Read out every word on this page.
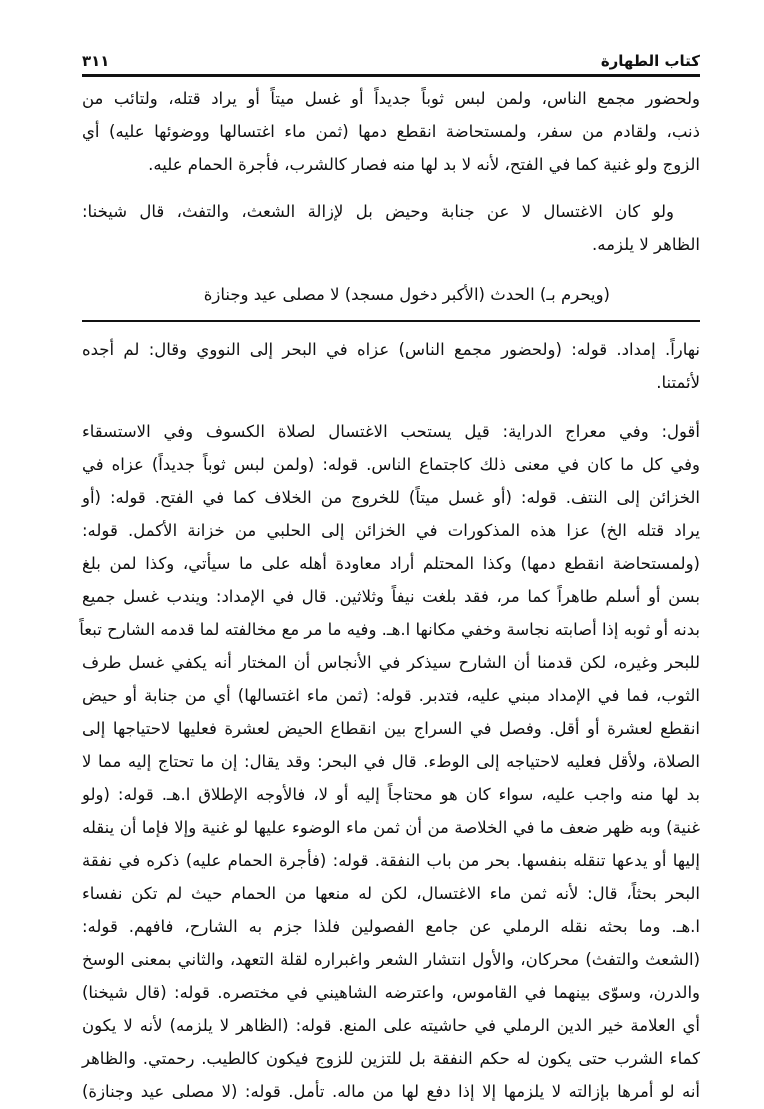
كتاب الطهارة
٣١١
ولحضور مجمع الناس، ولمن لبس ثوباً جديداً أو غسل ميتاً أو يراد قتله، ولتائب من
ذنب، ولقادم من سفر، ولمستحاضة انقطع دمها (ثمن ماء اغتسالها ووضوئها عليه) أي
الزوج ولو غنية كما في الفتح، لأنه لا بد لها منه فصار كالشرب، فأجرة الحمام عليه.
ولو كان الاغتسال لا عن جنابة وحيض بل لإزالة الشعث، والتفث، قال شيخنا:
الظاهر لا يلزمه.
(ويحرم بـ) الحدث (الأكبر دخول مسجد) لا مصلى عيد وجنازة
نهاراً. إمداد. قوله: (ولحضور مجمع الناس) عزاه في البحر إلى النووي وقال: لم أجده
لأئمتنا.
أقول: وفي معراج الدراية: قيل يستحب الاغتسال لصلاة الكسوف وفي الاستسقاء
وفي كل ما كان في معنى ذلك كاجتماع الناس. قوله: (ولمن لبس ثوباً جديداً) عزاه في
الخزائن إلى النتف. قوله: (أو غسل ميتاً) للخروج من الخلاف كما في الفتح. قوله: (أو
يراد قتله الخ) عزا هذه المذكورات في الخزائن إلى الحلبي من خزانة الأكمل. قوله:
(ولمستحاضة انقطع دمها) وكذا المحتلم أراد معاودة أهله على ما سيأتي، وكذا لمن بلغ
بسن أو أسلم طاهراً كما مر، فقد بلغت نيفاً وثلاثين. قال في الإمداد: ويندب غسل جميع
بدنه أو ثوبه إذا أصابته نجاسة وخفي مكانها ا.هـ. وفيه ما مر مع مخالفته لما قدمه الشارح تبعاً
للبحر وغيره، لكن قدمنا أن الشارح سيذكر في الأنجاس أن المختار أنه يكفي غسل طرف
الثوب، فما في الإمداد مبني عليه، فتدبر. قوله: (ثمن ماء اغتسالها) أي من جنابة أو حيض
انقطع لعشرة أو أقل. وفصل في السراج بين انقطاع الحيض لعشرة فعليها لاحتياجها إلى
الصلاة، ولأقل فعليه لاحتياجه إلى الوطء. قال في البحر: وقد يقال: إن ما تحتاج إليه مما لا
بد لها منه واجب عليه، سواء كان هو محتاجاً إليه أو لا، فالأوجه الإطلاق ا.هـ. قوله: (ولو
غنية) وبه ظهر ضعف ما في الخلاصة من أن ثمن ماء الوضوء عليها لو غنية وإلا فإما أن ينقله
إليها أو يدعها تنقله بنفسها. بحر من باب النفقة. قوله: (فأجرة الحمام عليه) ذكره في نفقة
البحر بحثاً، قال: لأنه ثمن ماء الاغتسال، لكن له منعها من الحمام حيث لم تكن نفساء
ا.هـ. وما بحثه نقله الرملي عن جامع الفصولين فلذا جزم به الشارح، فافهم. قوله:
(الشعث والتفث) محركان، والأول انتشار الشعر واغبراره لقلة التعهد، والثاني بمعنى الوسخ
والدرن، وسوّى بينهما في القاموس، واعترضه الشاهيني في مختصره. قوله: (قال شيخنا)
أي العلامة خير الدين الرملي في حاشيته على المنع. قوله: (الظاهر لا يلزمه) لأنه لا يكون
كماء الشرب حتى يكون له حكم النفقة بل للتزين للزوج فيكون كالطيب. رحمتي. والظاهر
أنه لو أمرها بإزالته لا يلزمها إلا إذا دفع لها من ماله. تأمل. قوله: (لا مصلى عيد وجنازة)
